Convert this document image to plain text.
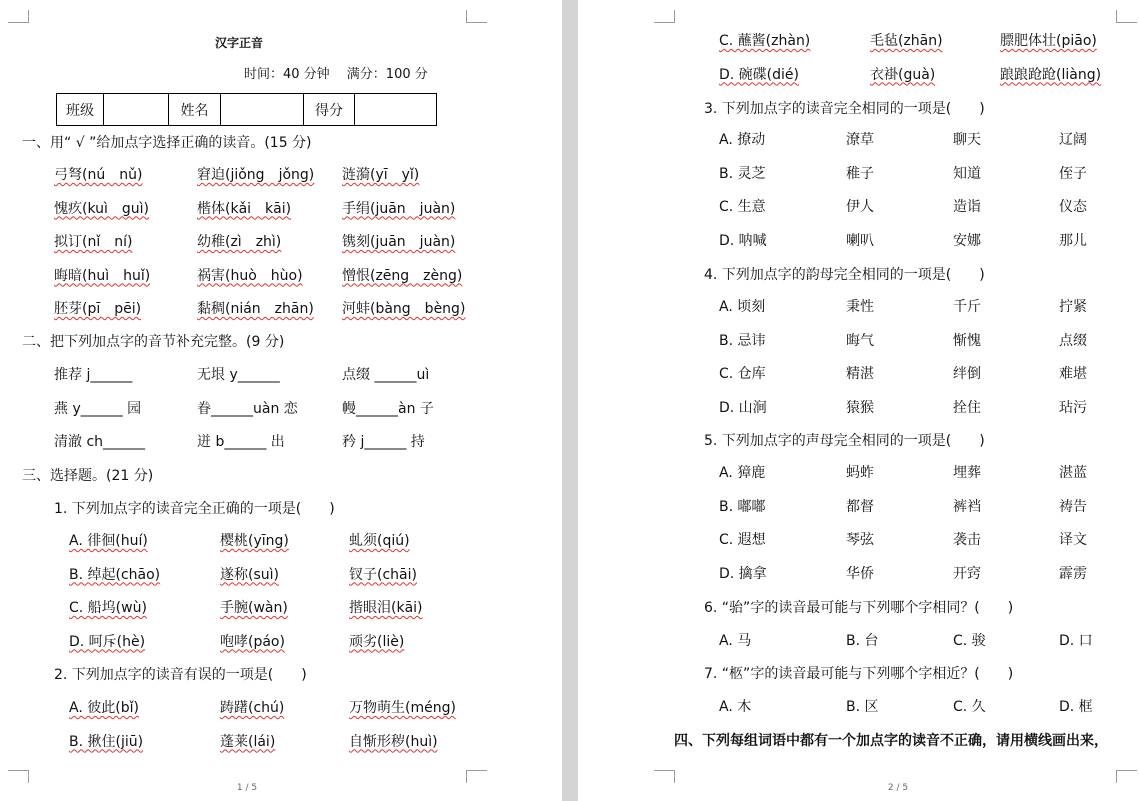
汉字正音
时间：40 分钟　 满分：100 分
班级		姓名		得分	
一、用“ √ ”给加点字选择正确的读音。(15 分)
弓弩(nú　nǔ)	窘迫(jiǒng　jǒng) 涟漪(yī　yǐ)
愧疚(kuì　guì)	楷体(kǎi　kāi)	手绢(juān　juàn)
拟订(nǐ　ní)	幼稚(zì　zhì)	镌刻(juān　juàn)
晦暗(huì　huǐ)	祸害(huò　hùo)	憎恨(zēng　zèng)
胚芽(pī　pēi)	黏稠(nián　zhān) 河蚌(bàng　bèng)
二、把下列加点字的音节补充完整。(9 分)
推荐 j______	无垠 y______	点缀 ______uì
燕 y______ 园	眷______uàn 恋	幔______àn 子
清澈 ch______	迸 b______ 出	矜 j______ 持
三、选择题。(21 分)
1. 下列加点字的读音完全正确的一项是(　　)
A. 徘徊(huí)	樱桃(yīng)	虬须(qiú)
B. 绰起(chāo)	遂称(suì)	钗子(chāi)
C. 船坞(wù)	手腕(wàn)	揩眼泪(kāi)
D. 呵斥(hè)	咆哮(páo)	顽劣(liè)
2. 下列加点字的读音有误的一项是(　　)
A. 彼此(bǐ)	踌躇(chú)	万物萌生(méng)
B. 揪住(jiū)	蓬莱(lái)	自惭形秽(huì)
1 / 5
C. 蘸酱(zhàn)	毛毡(zhān)	膘肥体壮(piāo)
D. 碗碟(dié)	衣褂(guà)	踉踉跄跄(liàng)
3. 下列加点字的读音完全相同的一项是(　　)
A. 撩动	潦草	聊天	辽阔
B. 灵芝	稚子	知道	侄子
C. 生意	伊人	造诣	仪态
D. 呐喊	喇叭	安娜	那儿
4. 下列加点字的韵母完全相同的一项是(　　)
A. 顷刻	秉性	千斤	拧紧
B. 忌讳	晦气	惭愧	点缀
C. 仓库	精湛	绊倒	难堪
D. 山涧	猿猴	拴住	玷污
5. 下列加点字的声母完全相同的一项是(　　)
A. 獐鹿	蚂蚱	埋葬	湛蓝
B. 嘟嘟	都督	裤裆	祷告
C. 遐想	琴弦	袭击	译文
D. 擒拿	华侨	开窍	霹雳
6. “骀”字的读音最可能与下列哪个字相同？(　　)
A. 马	B. 台	C. 骏	D. 口
7. “柩”字的读音最可能与下列哪个字相近？(　　)
A. 木	B. 区	C. 久	D. 框
四、下列每组词语中都有一个加点字的读音不正确，请用横线画出来，
2 / 5
